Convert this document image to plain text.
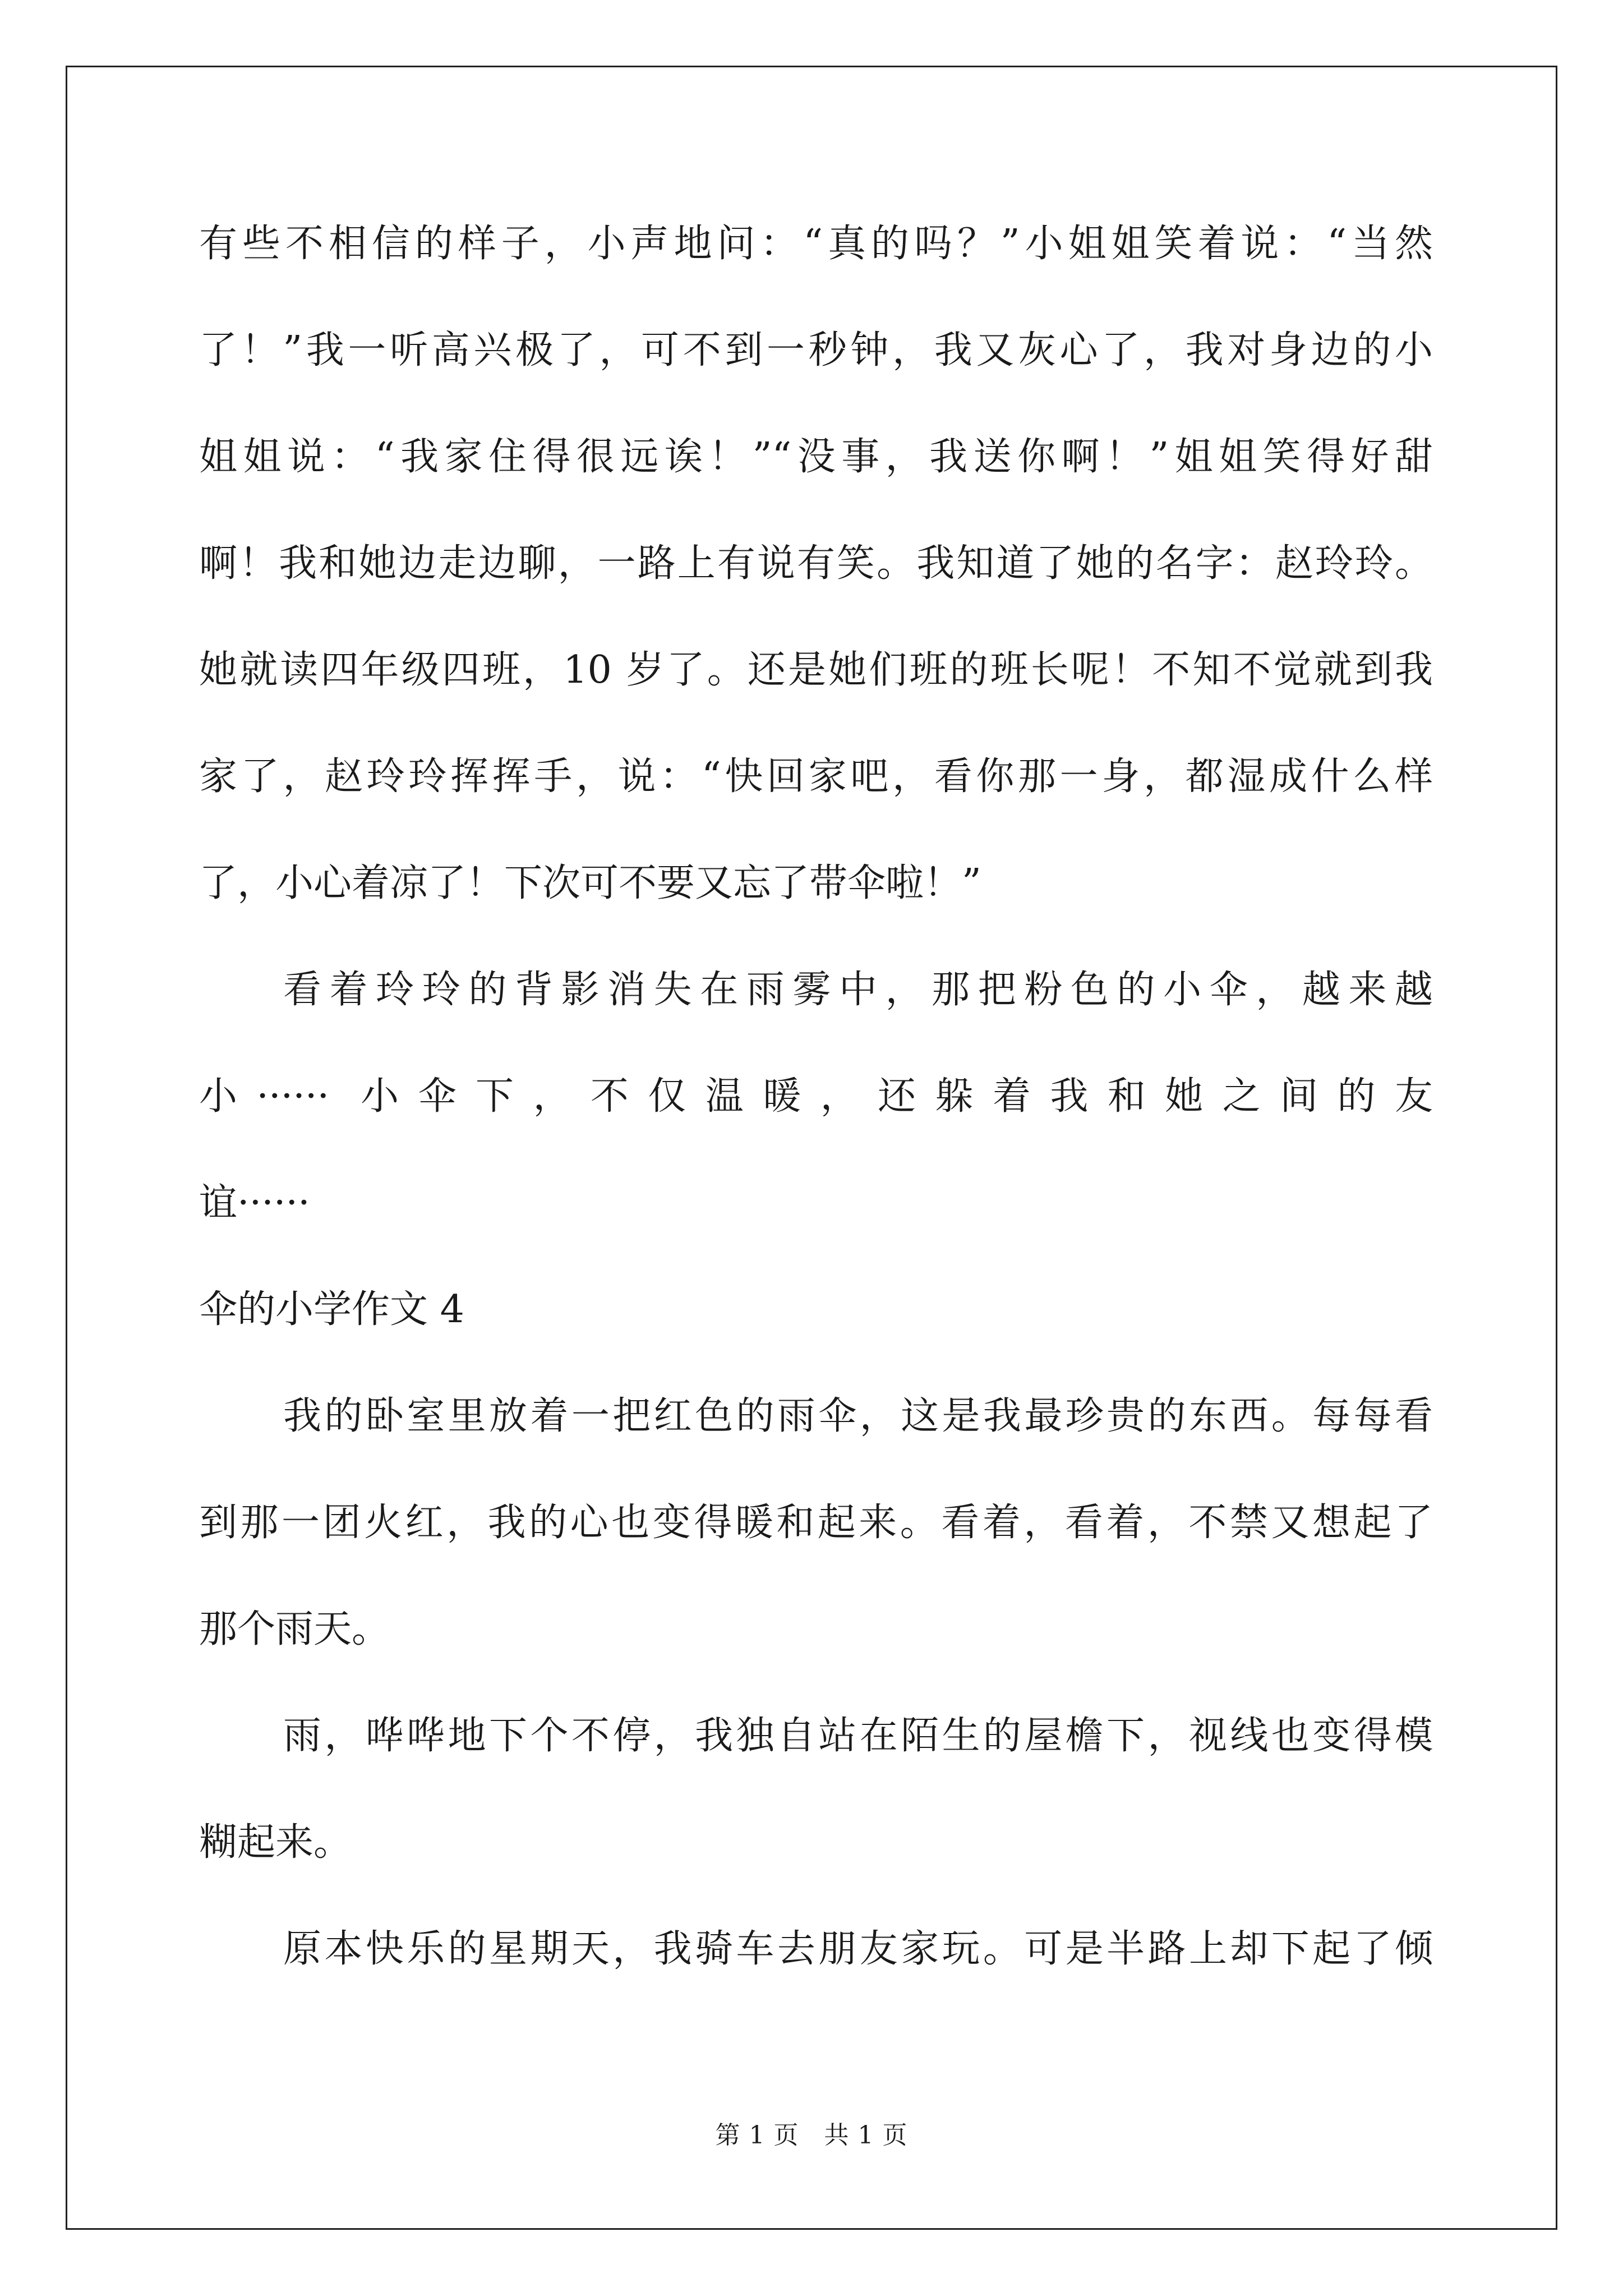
有些不相信的样子，小声地问：“真的吗？”小姐姐笑着说：“当然
了！”我一听高兴极了，可不到一秒钟，我又灰心了，我对身边的小
姐姐说：“我家住得很远诶！”“没事，我送你啊！”姐姐笑得好甜
啊！我和她边走边聊，一路上有说有笑。我知道了她的名字：赵玲玲。
她就读四年级四班，10 岁了。还是她们班的班长呢！不知不觉就到我
家了，赵玲玲挥挥手，说：“快回家吧，看你那一身，都湿成什么样
了，小心着凉了！下次可不要又忘了带伞啦！”
看着玲玲的背影消失在雨雾中，那把粉色的小伞，越来越
小······ 小伞下，不仅温暖，还躲着我和她之间的友
谊······
伞的小学作文 4
我的卧室里放着一把红色的雨伞，这是我最珍贵的东西。每每看
到那一团火红，我的心也变得暖和起来。看着，看着，不禁又想起了
那个雨天。
雨，哗哗地下个不停，我独自站在陌生的屋檐下，视线也变得模
糊起来。
原本快乐的星期天，我骑车去朋友家玩。可是半路上却下起了倾
第 1 页　共 1 页
